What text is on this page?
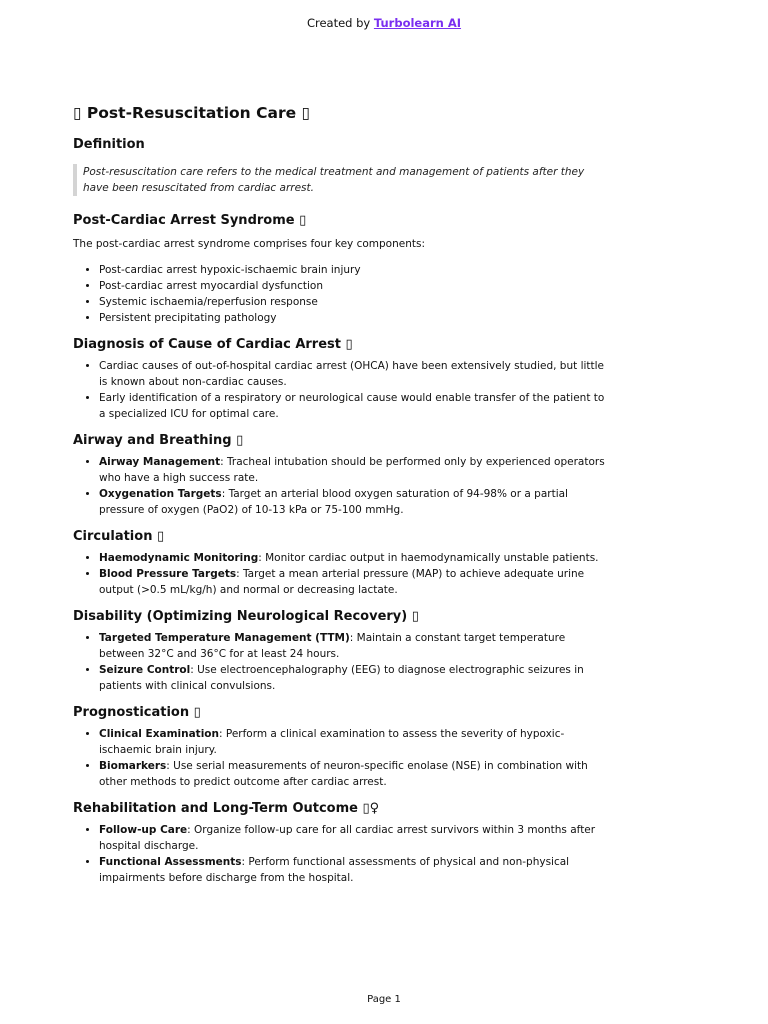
Created by Turbolearn AI
▯ Post-Resuscitation Care ▯
Definition
Post-resuscitation care refers to the medical treatment and management of patients after they have been resuscitated from cardiac arrest.
Post-Cardiac Arrest Syndrome ▯

The post-cardiac arrest syndrome comprises four key components:

• Post-cardiac arrest hypoxic-ischaemic brain injury
• Post-cardiac arrest myocardial dysfunction
• Systemic ischaemia/reperfusion response
• Persistent precipitating pathology
Diagnosis of Cause of Cardiac Arrest ▯
• Cardiac causes of out-of-hospital cardiac arrest (OHCA) have been extensively studied, but little is known about non-cardiac causes.
• Early identification of a respiratory or neurological cause would enable transfer of the patient to a specialized ICU for optimal care.
Airway and Breathing ▯
• Airway Management: Tracheal intubation should be performed only by experienced operators who have a high success rate.
• Oxygenation Targets: Target an arterial blood oxygen saturation of 94-98% or a partial pressure of oxygen (PaO2) of 10-13 kPa or 75-100 mmHg.
Circulation ▯
• Haemodynamic Monitoring: Monitor cardiac output in haemodynamically unstable patients.
• Blood Pressure Targets: Target a mean arterial pressure (MAP) to achieve adequate urine output (>0.5 mL/kg/h) and normal or decreasing lactate.
Disability (Optimizing Neurological Recovery) ▯
• Targeted Temperature Management (TTM): Maintain a constant target temperature between 32°C and 36°C for at least 24 hours.
• Seizure Control: Use electroencephalography (EEG) to diagnose electrographic seizures in patients with clinical convulsions.
Prognostication ▯
• Clinical Examination: Perform a clinical examination to assess the severity of hypoxic-ischaemic brain injury.
• Biomarkers: Use serial measurements of neuron-specific enolase (NSE) in combination with other methods to predict outcome after cardiac arrest.
Rehabilitation and Long-Term Outcome ▯♀
• Follow-up Care: Organize follow-up care for all cardiac arrest survivors within 3 months after hospital discharge.
• Functional Assessments: Perform functional assessments of physical and non-physical impairments before discharge from the hospital.
Page 1
